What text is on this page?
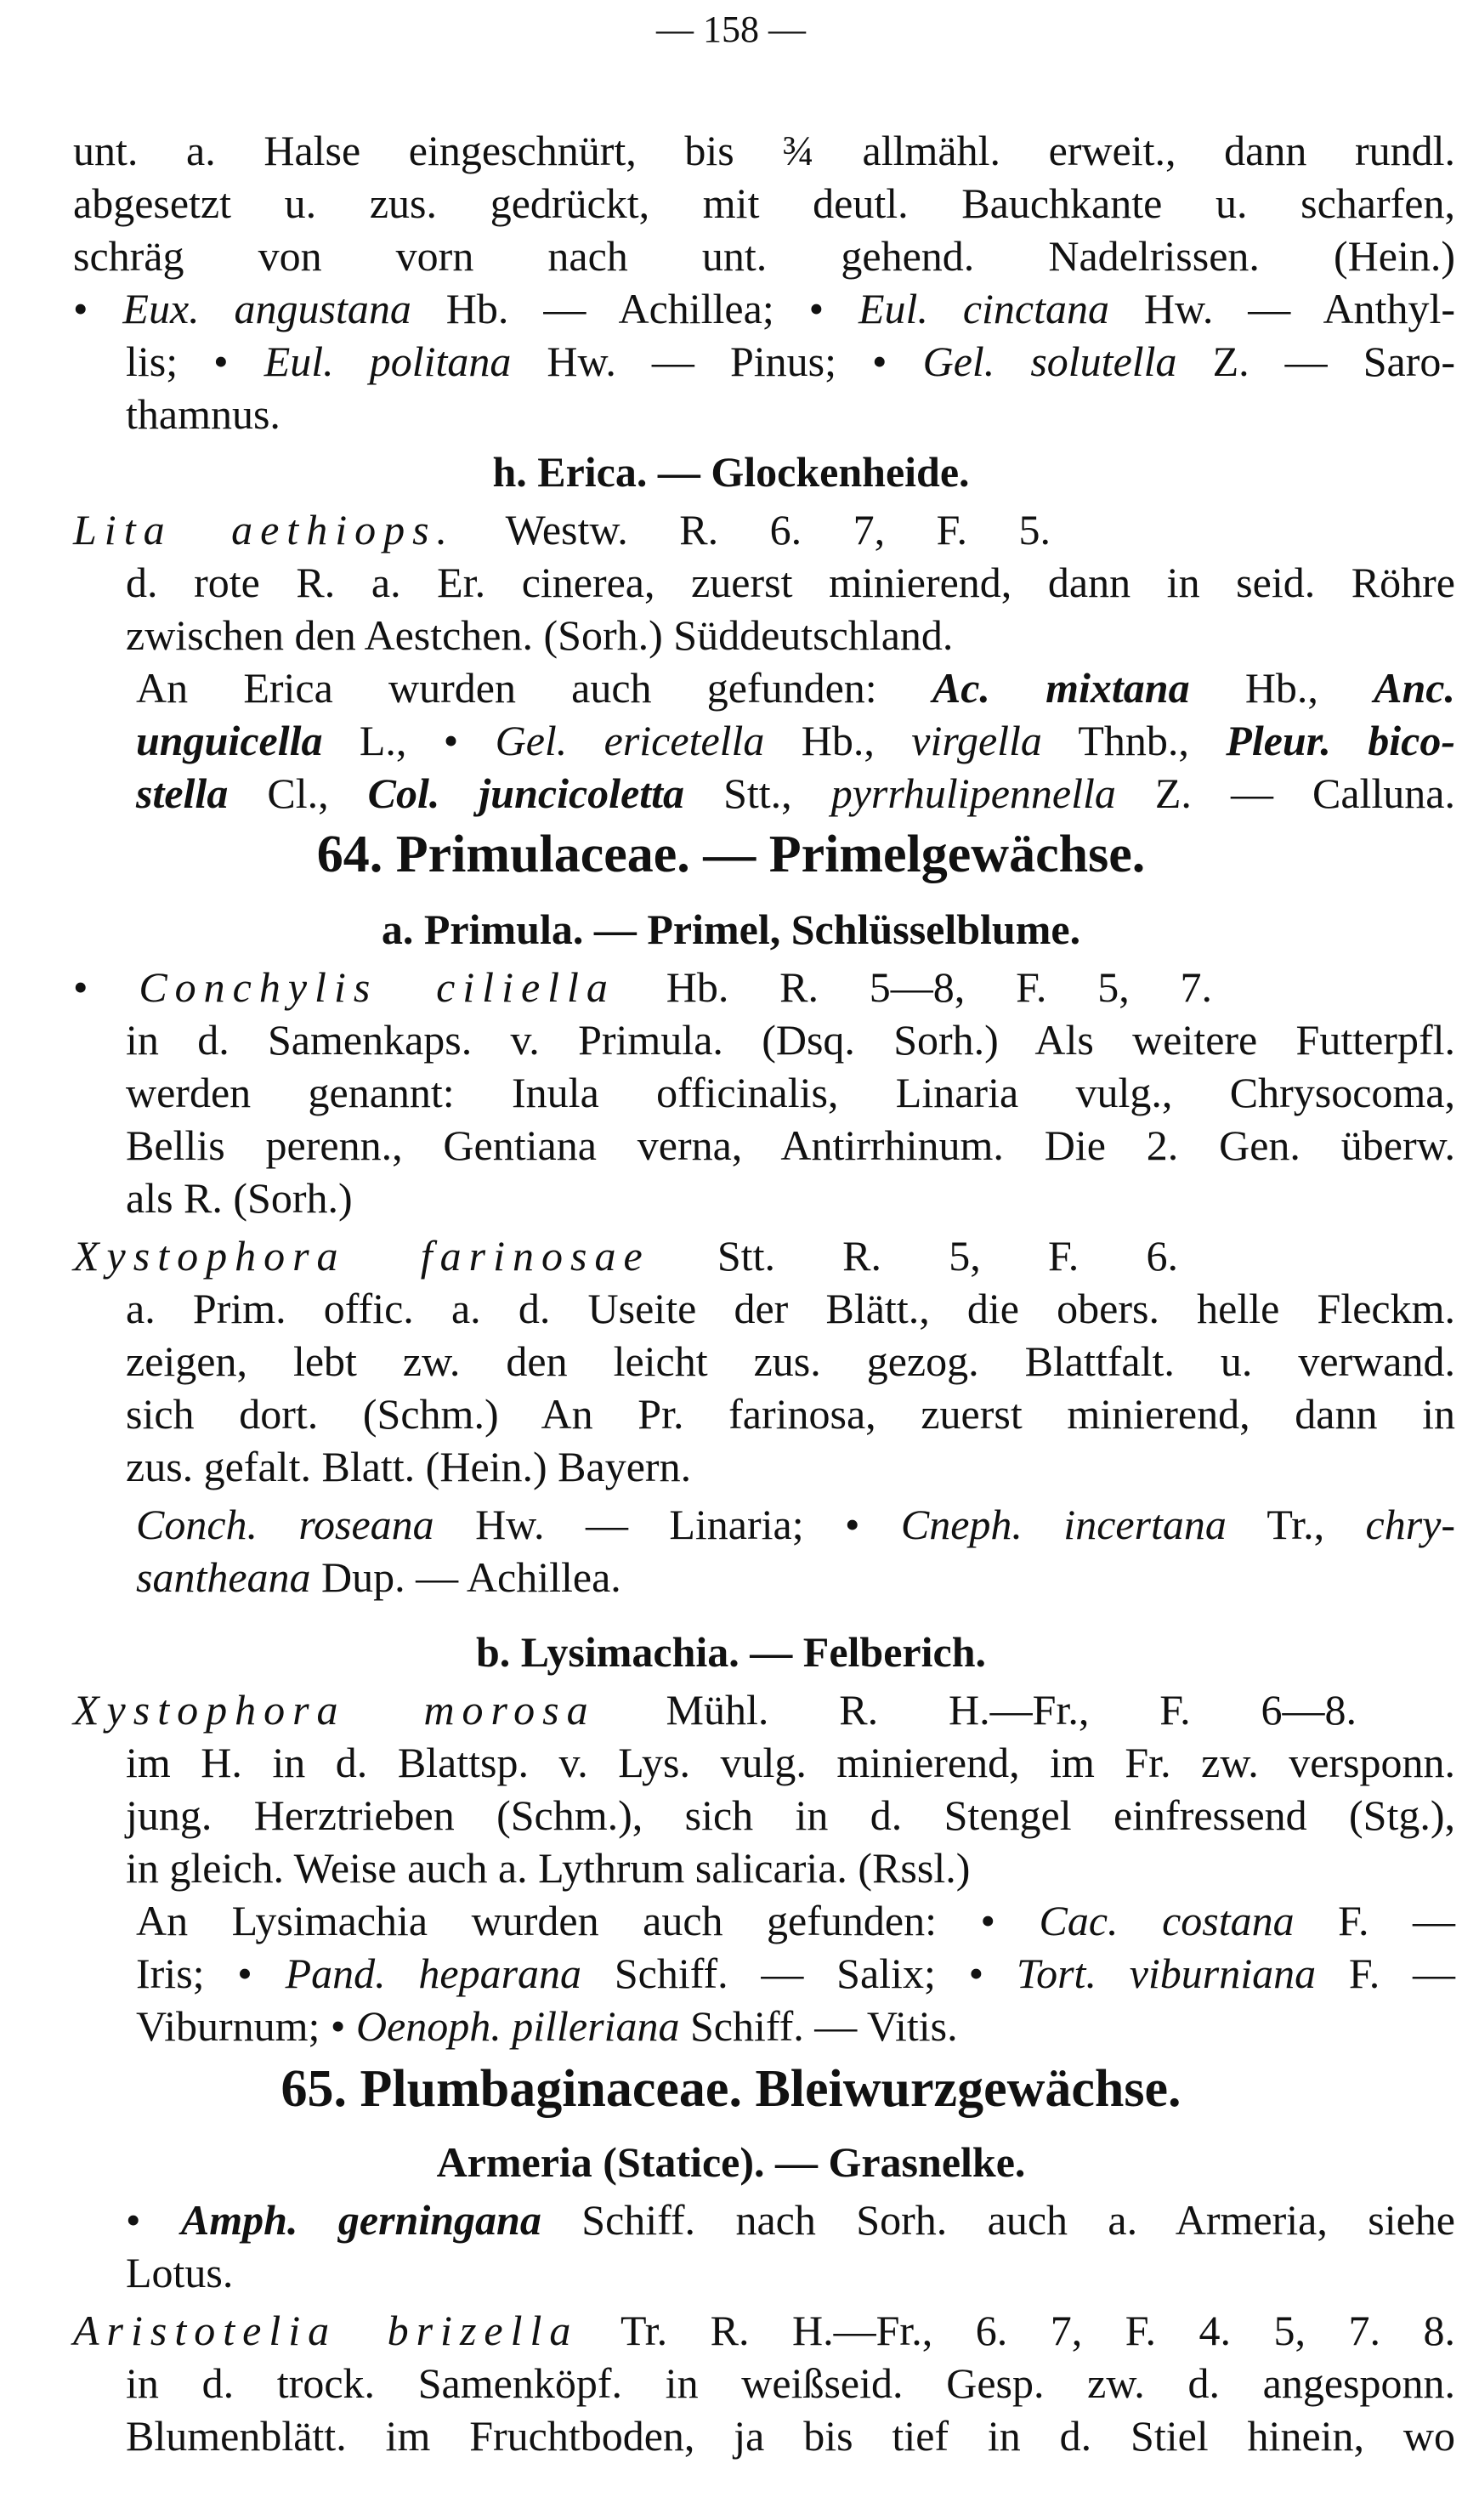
— 158 —
unt. a. Halse eingeschnürt, bis ¾ allmähl. erweit., dann rundl.
abgesetzt u. zus. gedrückt, mit deutl. Bauchkante u. scharfen,
schräg von vorn nach unt. gehend. Nadelrissen. (Hein.)
• Eux. angustana Hb. — Achillea; • Eul. cinctana Hw. — Anthyl-
lis; • Eul. politana Hw. — Pinus; • Gel. solutella Z. — Saro-
thamnus.
h. Erica. — Glockenheide.
Lita aethiops. Westw. R. 6. 7, F. 5.
d. rote R. a. Er. cinerea, zuerst minierend, dann in seid. Röhre
zwischen den Aestchen. (Sorh.) Süddeutschland.
An Erica wurden auch gefunden: Ac. mixtana Hb., Anc.
unguicella L., • Gel. ericetella Hb., virgella Thnb., Pleur. bico-
stella Cl., Col. juncicoletta Stt., pyrrhulipennella Z. — Calluna.
64. Primulaceae. — Primelgewächse.
a. Primula. — Primel, Schlüsselblume.
• Conchylis ciliella Hb. R. 5—8, F. 5, 7.
in d. Samenkaps. v. Primula. (Dsq. Sorh.) Als weitere Futterpfl.
werden genannt: Inula officinalis, Linaria vulg., Chrysocoma,
Bellis perenn., Gentiana verna, Antirrhinum. Die 2. Gen. überw.
als R. (Sorh.)
Xystophora farinosae Stt. R. 5, F. 6.
a. Prim. offic. a. d. Useite der Blätt., die obers. helle Fleckm.
zeigen, lebt zw. den leicht zus. gezog. Blattfalt. u. verwand.
sich dort. (Schm.) An Pr. farinosa, zuerst minierend, dann in
zus. gefalt. Blatt. (Hein.) Bayern.
Conch. roseana Hw. — Linaria; • Cneph. incertana Tr., chry-
santheana Dup. — Achillea.
b. Lysimachia. — Felberich.
Xystophora morosa Mühl. R. H.—Fr., F. 6—8.
im H. in d. Blattsp. v. Lys. vulg. minierend, im Fr. zw. versponn.
jung. Herztrieben (Schm.), sich in d. Stengel einfressend (Stg.),
in gleich. Weise auch a. Lythrum salicaria. (Rssl.)
An Lysimachia wurden auch gefunden: • Cac. costana F. —
Iris; • Pand. heparana Schiff. — Salix; • Tort. viburniana F. —
Viburnum; • Oenoph. pilleriana Schiff. — Vitis.
65. Plumbaginaceae. Bleiwurzgewächse.
Armeria (Statice). — Grasnelke.
• Amph. gerningana Schiff. nach Sorh. auch a. Armeria, siehe
Lotus.
Aristotelia brizella Tr. R. H.—Fr., 6. 7, F. 4. 5, 7. 8.
in d. trock. Samenköpf. in weißseid. Gesp. zw. d. angesponn.
Blumenblätt. im Fruchtboden, ja bis tief in d. Stiel hinein, wo
